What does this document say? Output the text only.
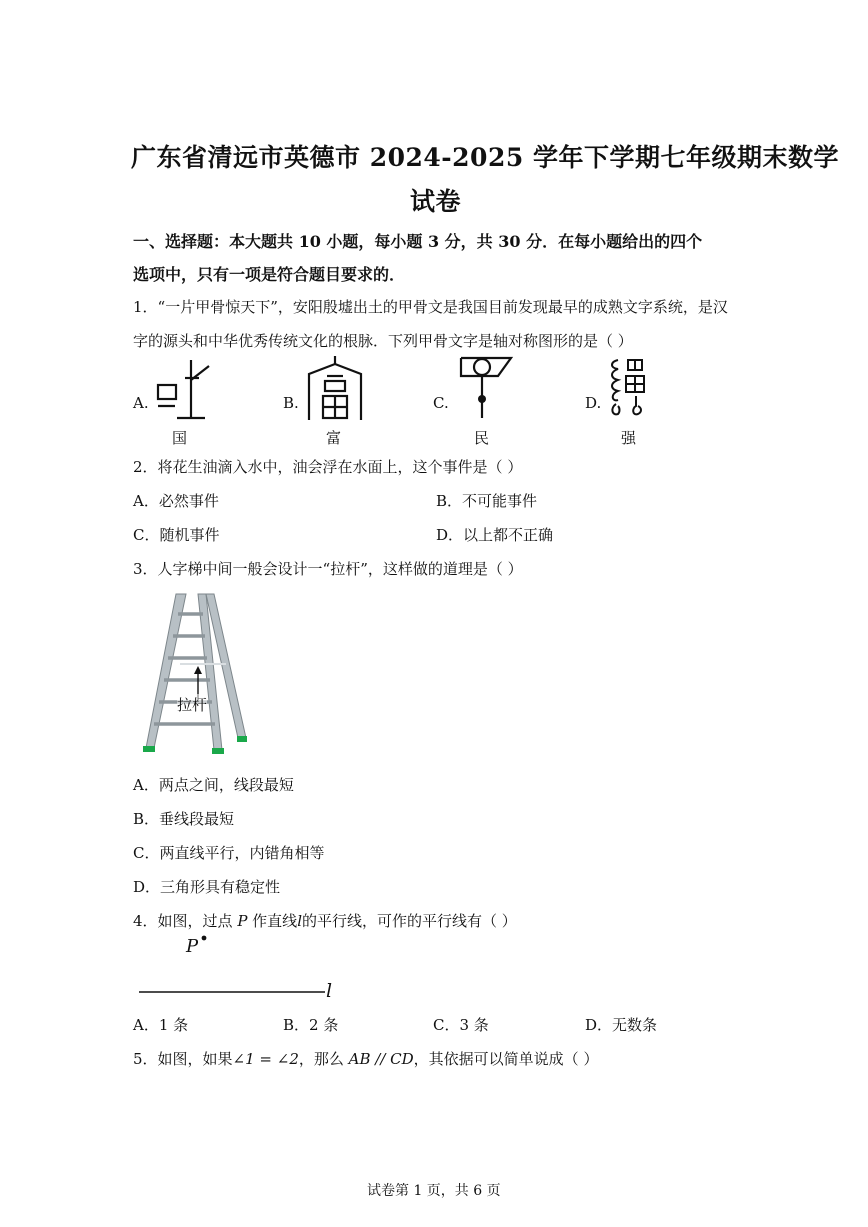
广东省清远市英德市 2024-2025 学年下学期七年级期末数学
试卷
一、选择题：本大题共 10 小题，每小题 3 分，共 30 分．在每小题给出的四个
选项中，只有一项是符合题目要求的．
1．“一片甲骨惊天下”，安阳殷墟出土的甲骨文是我国目前发现最早的成熟文字系统，是汉
字的源头和中华优秀传统文化的根脉．下列甲骨文字是轴对称图形的是（ ）
A.
国
B.
富
C.
民
D.
强
2．将花生油滴入水中，油会浮在水面上，这个事件是（ ）
A．必然事件	B．不可能事件
C．随机事件	D．以上都不正确
3．人字梯中间一般会设计一“拉杆”，这样做的道理是（ ）
拉杆
A．两点之间，线段最短
B．垂线段最短
C．两直线平行，内错角相等
D．三角形具有稳定性
4．如图，过点 P 作直线l的平行线，可作的平行线有（ ）
P
l
A．1 条	B．2 条	C．3 条	D．无数条
5．如图，如果∠1 = ∠2，那么 AB // CD，其依据可以简单说成（ ）
试卷第 1 页，共 6 页
